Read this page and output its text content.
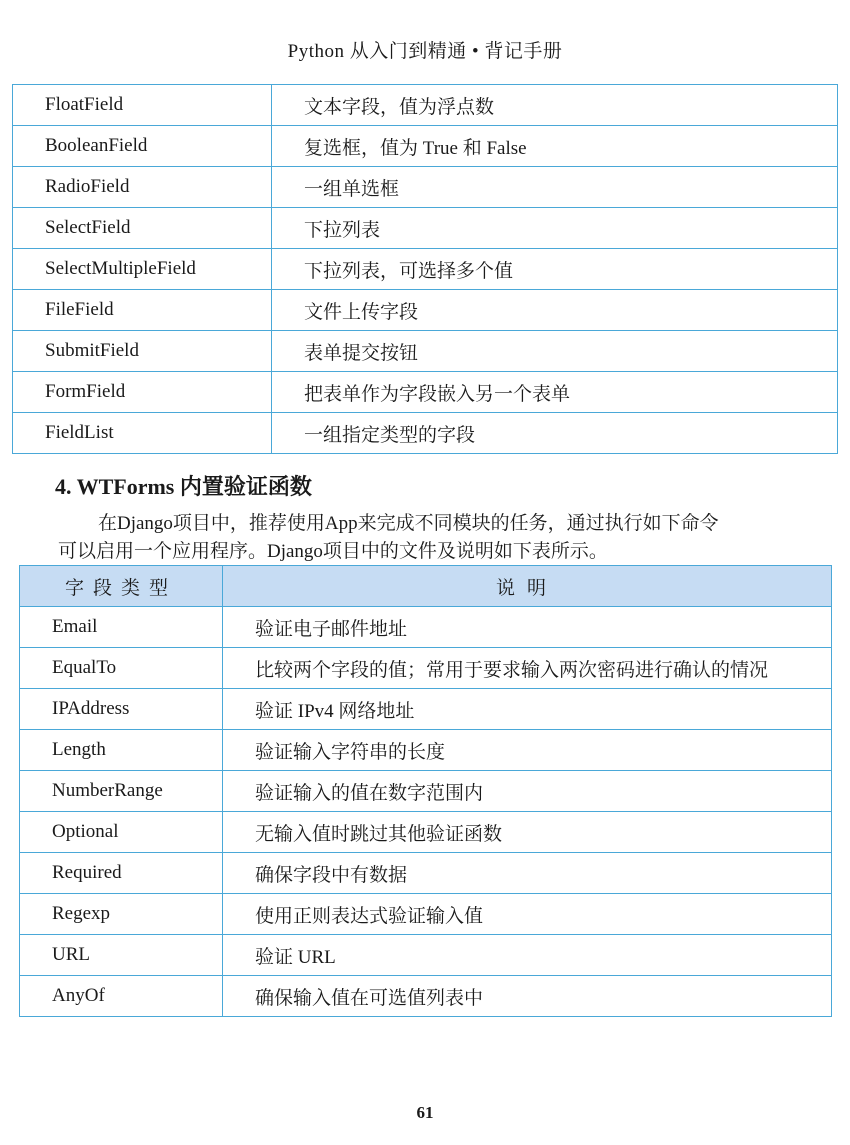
Python 从入门到精通 • 背记手册
FloatField	文本字段，值为浮点数
BooleanField	复选框，值为 True 和 False
RadioField	一组单选框
SelectField	下拉列表
SelectMultipleField	下拉列表，可选择多个值
FileField	文件上传字段
SubmitField	表单提交按钮
FormField	把表单作为字段嵌入另一个表单
FieldList	一组指定类型的字段
4. WTForms 内置验证函数
在Django项目中，推荐使用App来完成不同模块的任务，通过执行如下命令
可以启用一个应用程序。Django项目中的文件及说明如下表所示。
字段类型	说明
Email	验证电子邮件地址
EqualTo	比较两个字段的值；常用于要求输入两次密码进行确认的情况
IPAddress	验证 IPv4 网络地址
Length	验证输入字符串的长度
NumberRange	验证输入的值在数字范围内
Optional	无输入值时跳过其他验证函数
Required	确保字段中有数据
Regexp	使用正则表达式验证输入值
URL	验证 URL
AnyOf	确保输入值在可选值列表中
61
